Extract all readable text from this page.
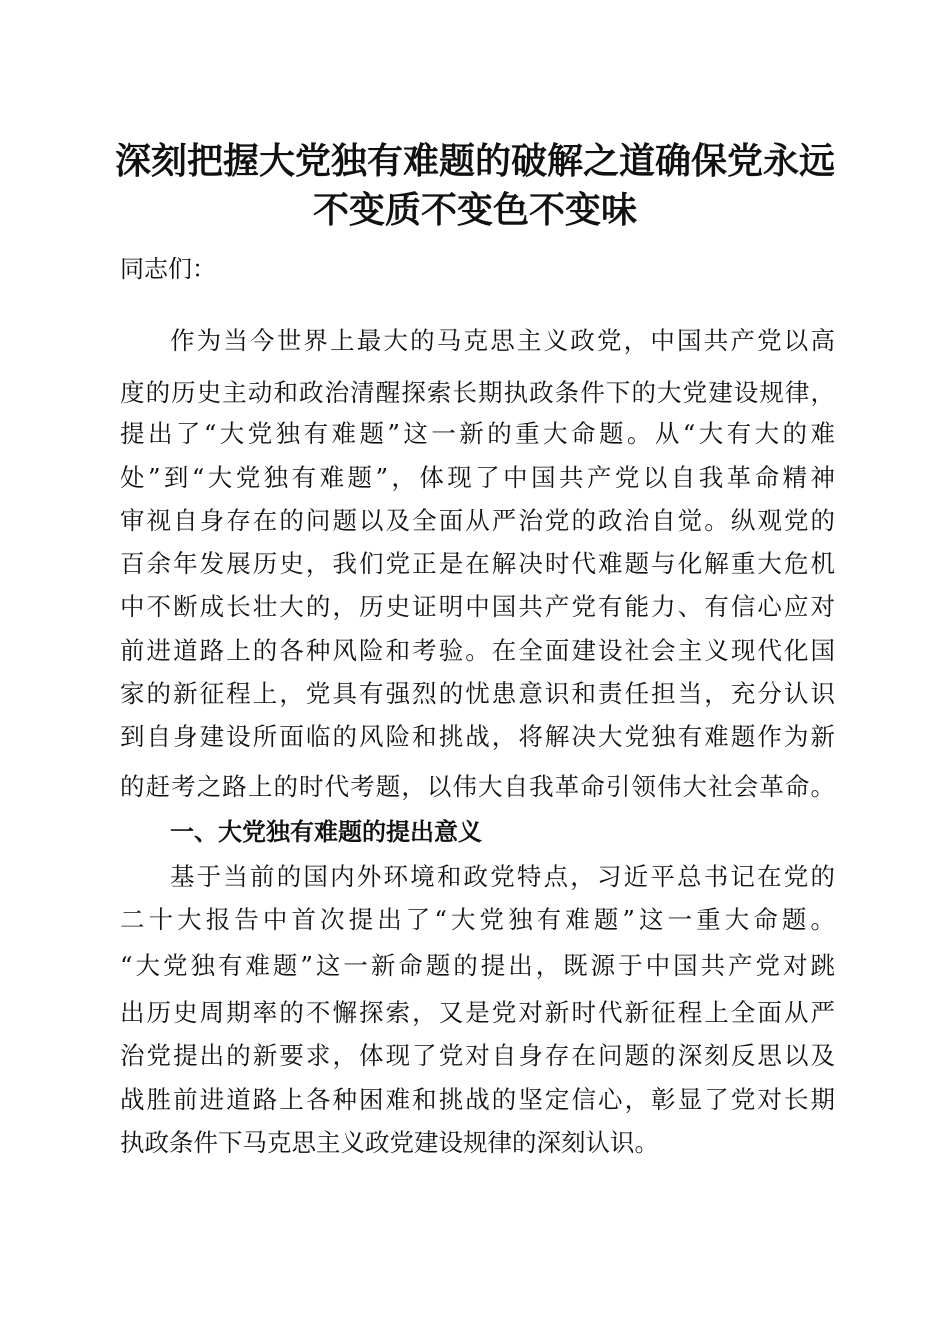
深刻把握大党独有难题的破解之道确保党永远
不变质不变色不变味
同志们：
作为当今世界上最大的马克思主义政党，中国共产党以高
度的历史主动和政治清醒探索长期执政条件下的大党建设规律，
提出了“大党独有难题”这一新的重大命题。从“大有大的难
处”到“大党独有难题”，体现了中国共产党以自我革命精神
审视自身存在的问题以及全面从严治党的政治自觉。纵观党的
百余年发展历史，我们党正是在解决时代难题与化解重大危机
中不断成长壮大的，历史证明中国共产党有能力、有信心应对
前进道路上的各种风险和考验。在全面建设社会主义现代化国
家的新征程上，党具有强烈的忧患意识和责任担当，充分认识
到自身建设所面临的风险和挑战，将解决大党独有难题作为新
的赶考之路上的时代考题，以伟大自我革命引领伟大社会革命。
一、大党独有难题的提出意义
基于当前的国内外环境和政党特点，习近平总书记在党的
二十大报告中首次提出了“大党独有难题”这一重大命题。
“大党独有难题”这一新命题的提出，既源于中国共产党对跳
出历史周期率的不懈探索，又是党对新时代新征程上全面从严
治党提出的新要求，体现了党对自身存在问题的深刻反思以及
战胜前进道路上各种困难和挑战的坚定信心，彰显了党对长期
执政条件下马克思主义政党建设规律的深刻认识。
